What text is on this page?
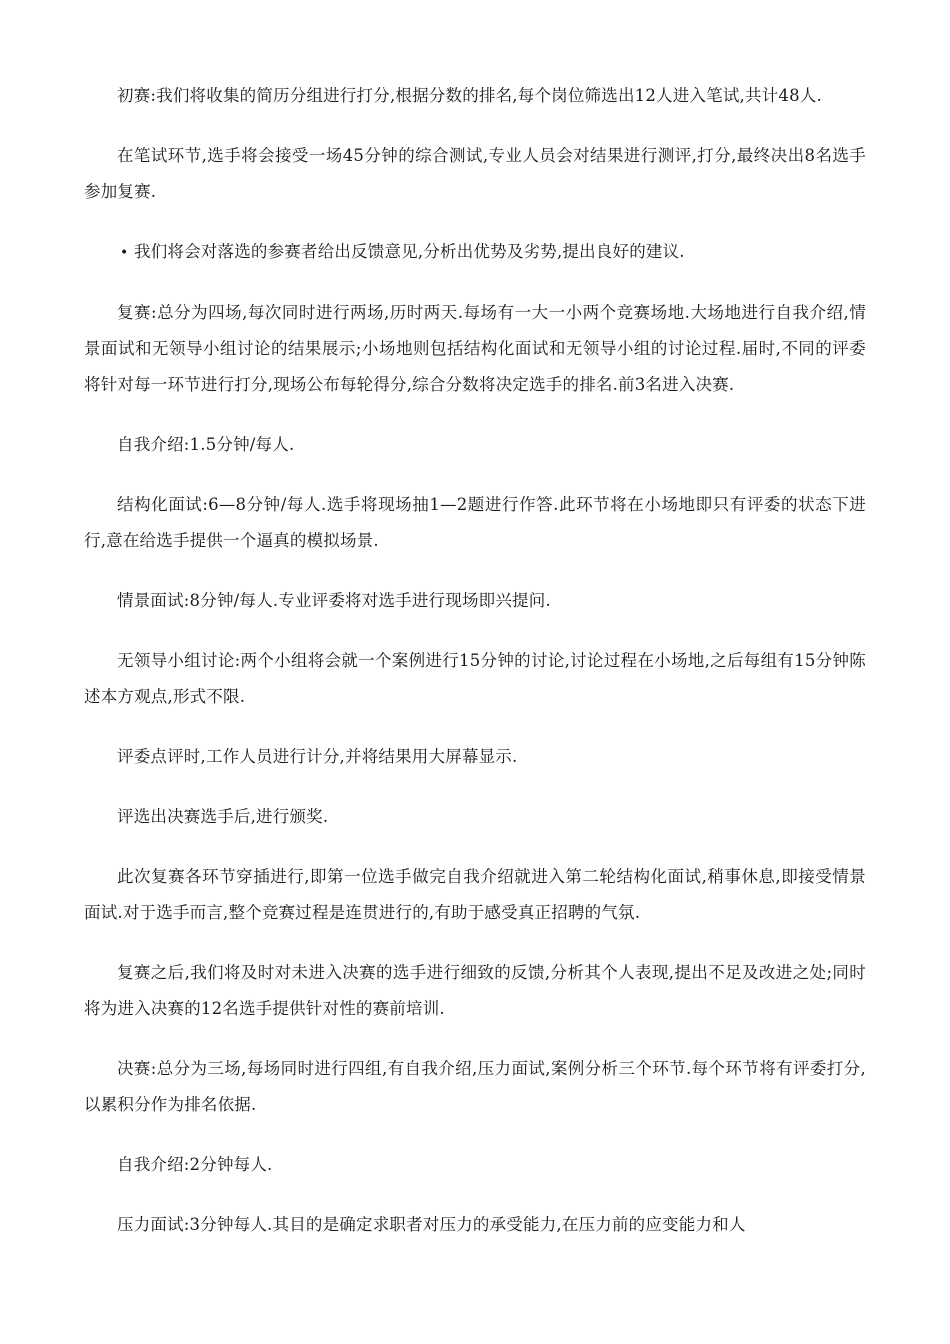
初赛:我们将收集的简历分组进行打分,根据分数的排名,每个岗位筛选出12人进入笔试,共计48人.

在笔试环节,选手将会接受一场45分钟的综合测试,专业人员会对结果进行测评,打分,最终决出8名选手参加复赛.

• 我们将会对落选的参赛者给出反馈意见,分析出优势及劣势,提出良好的建议.

复赛:总分为四场,每次同时进行两场,历时两天.每场有一大一小两个竞赛场地.大场地进行自我介绍,情景面试和无领导小组讨论的结果展示;小场地则包括结构化面试和无领导小组的讨论过程.届时,不同的评委将针对每一环节进行打分,现场公布每轮得分,综合分数将决定选手的排名.前3名进入决赛.

自我介绍:1.5分钟/每人.

结构化面试:6—8分钟/每人.选手将现场抽1—2题进行作答.此环节将在小场地即只有评委的状态下进行,意在给选手提供一个逼真的模拟场景.

情景面试:8分钟/每人.专业评委将对选手进行现场即兴提问.

无领导小组讨论:两个小组将会就一个案例进行15分钟的讨论,讨论过程在小场地,之后每组有15分钟陈述本方观点,形式不限.

评委点评时,工作人员进行计分,并将结果用大屏幕显示.

评选出决赛选手后,进行颁奖.

此次复赛各环节穿插进行,即第一位选手做完自我介绍就进入第二轮结构化面试,稍事休息,即接受情景面试.对于选手而言,整个竞赛过程是连贯进行的,有助于感受真正招聘的气氛.

复赛之后,我们将及时对未进入决赛的选手进行细致的反馈,分析其个人表现,提出不足及改进之处;同时将为进入决赛的12名选手提供针对性的赛前培训.

决赛:总分为三场,每场同时进行四组,有自我介绍,压力面试,案例分析三个环节.每个环节将有评委打分,以累积分作为排名依据.

自我介绍:2分钟每人.

压力面试:3分钟每人.其目的是确定求职者对压力的承受能力,在压力前的应变能力和人
